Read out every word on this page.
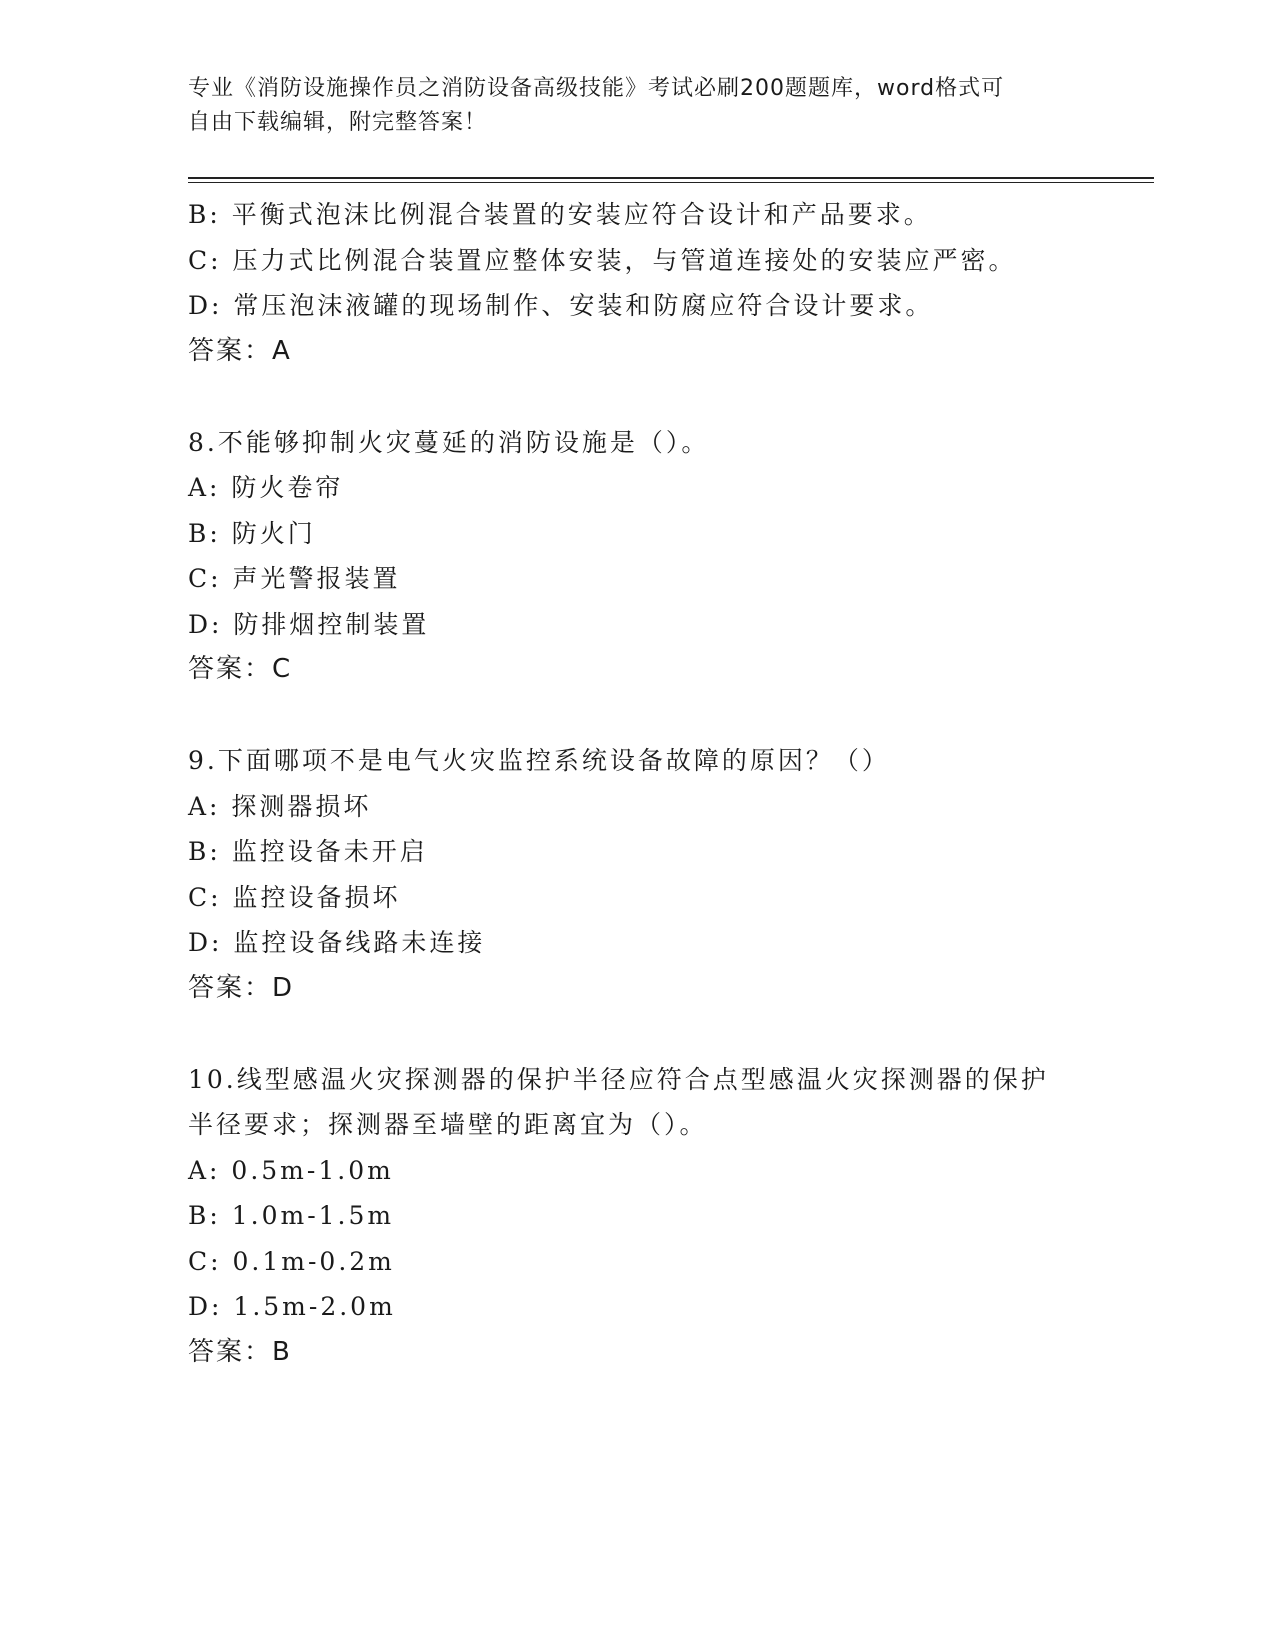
专业《消防设施操作员之消防设备高级技能》考试必刷200题题库，word格式可
自由下载编辑，附完整答案！
B: 平衡式泡沫比例混合装置的安装应符合设计和产品要求。
C: 压力式比例混合装置应整体安装，与管道连接处的安装应严密。
D: 常压泡沫液罐的现场制作、安装和防腐应符合设计要求。
答案：A
8.不能够抑制火灾蔓延的消防设施是（）。
A: 防火卷帘
B: 防火门
C: 声光警报装置
D: 防排烟控制装置
答案：C
9.下面哪项不是电气火灾监控系统设备故障的原因？（）
A: 探测器损坏
B: 监控设备未开启
C: 监控设备损坏
D: 监控设备线路未连接
答案：D
10.线型感温火灾探测器的保护半径应符合点型感温火灾探测器的保护
半径要求；探测器至墙壁的距离宜为（）。
A: 0.5m-1.0m
B: 1.0m-1.5m
C: 0.1m-0.2m
D: 1.5m-2.0m
答案：B
